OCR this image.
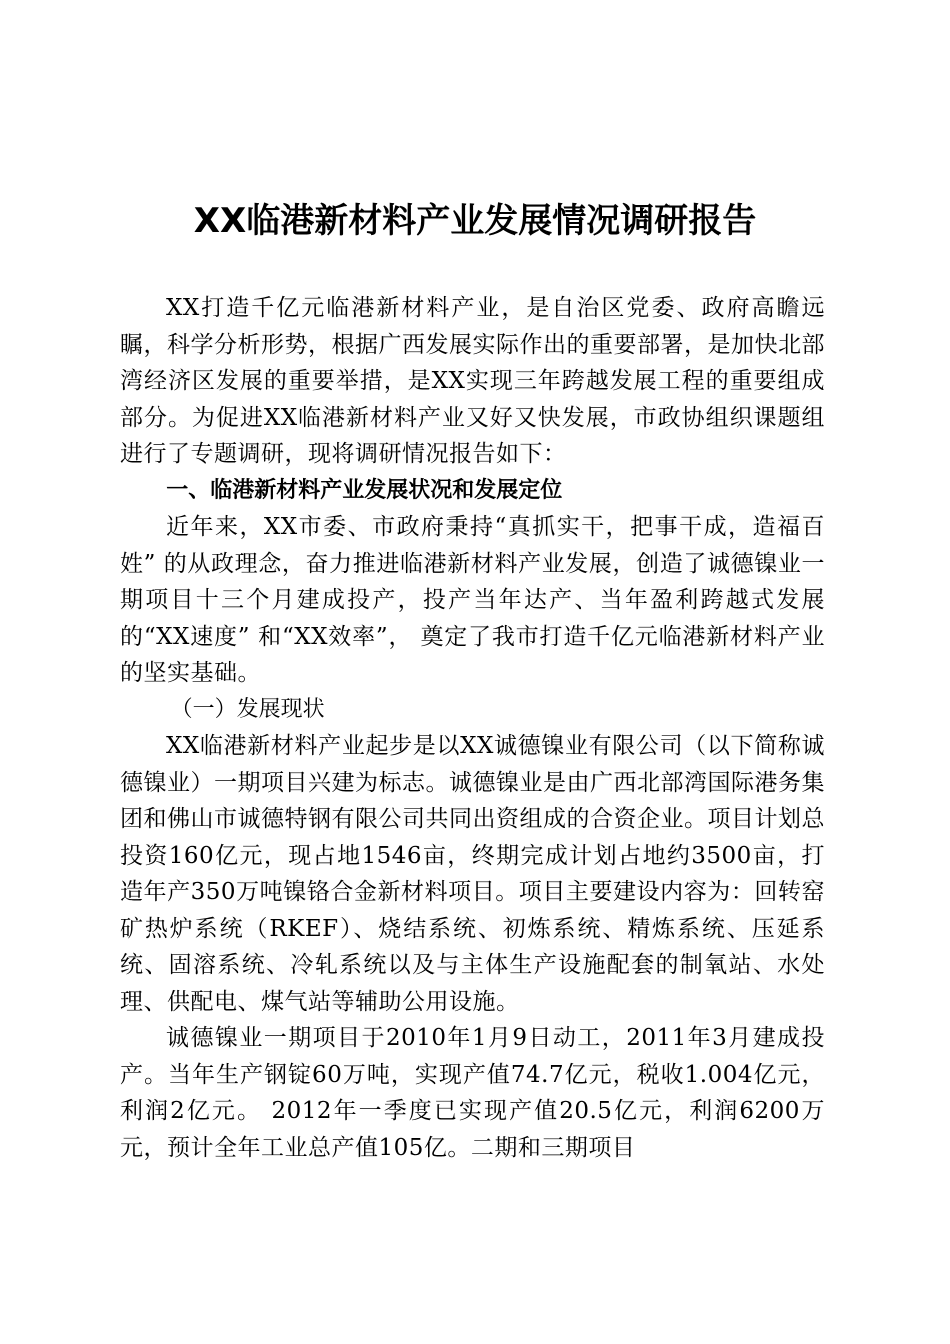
XX临港新材料产业发展情况调研报告

XX打造千亿元临港新材料产业，是自治区党委、政府高瞻远瞩，科学分析形势，根据广西发展实际作出的重要部署，是加快北部湾经济区发展的重要举措，是XX实现三年跨越发展工程的重要组成部分。为促进XX临港新材料产业又好又快发展，市政协组织课题组进行了专题调研，现将调研情况报告如下：

一、临港新材料产业发展状况和发展定位

近年来，XX市委、市政府秉持“真抓实干，把事干成，造福百姓” 的从政理念，奋力推进临港新材料产业发展，创造了诚德镍业一期项目十三个月建成投产，投产当年达产、当年盈利跨越式发展的“XX速度” 和“XX效率”， 奠定了我市打造千亿元临港新材料产业的坚实基础。

（一）发展现状

XX临港新材料产业起步是以XX诚德镍业有限公司（以下简称诚德镍业）一期项目兴建为标志。诚德镍业是由广西北部湾国际港务集团和佛山市诚德特钢有限公司共同出资组成的合资企业。项目计划总投资160亿元，现占地1546亩，终期完成计划占地约3500亩，打造年产350万吨镍铬合金新材料项目。项目主要建设内容为：回转窑矿热炉系统（RKEF）、烧结系统、初炼系统、精炼系统、压延系统、固溶系统、冷轧系统以及与主体生产设施配套的制氧站、水处理、供配电、煤气站等辅助公用设施。

诚德镍业一期项目于2010年1月9日动工，2011年3月建成投产。当年生产钢锭60万吨，实现产值74.7亿元，税收1.004亿元，利润2亿元。 2012年一季度已实现产值20.5亿元，利润6200万元，预计全年工业总产值105亿。二期和三期项目
